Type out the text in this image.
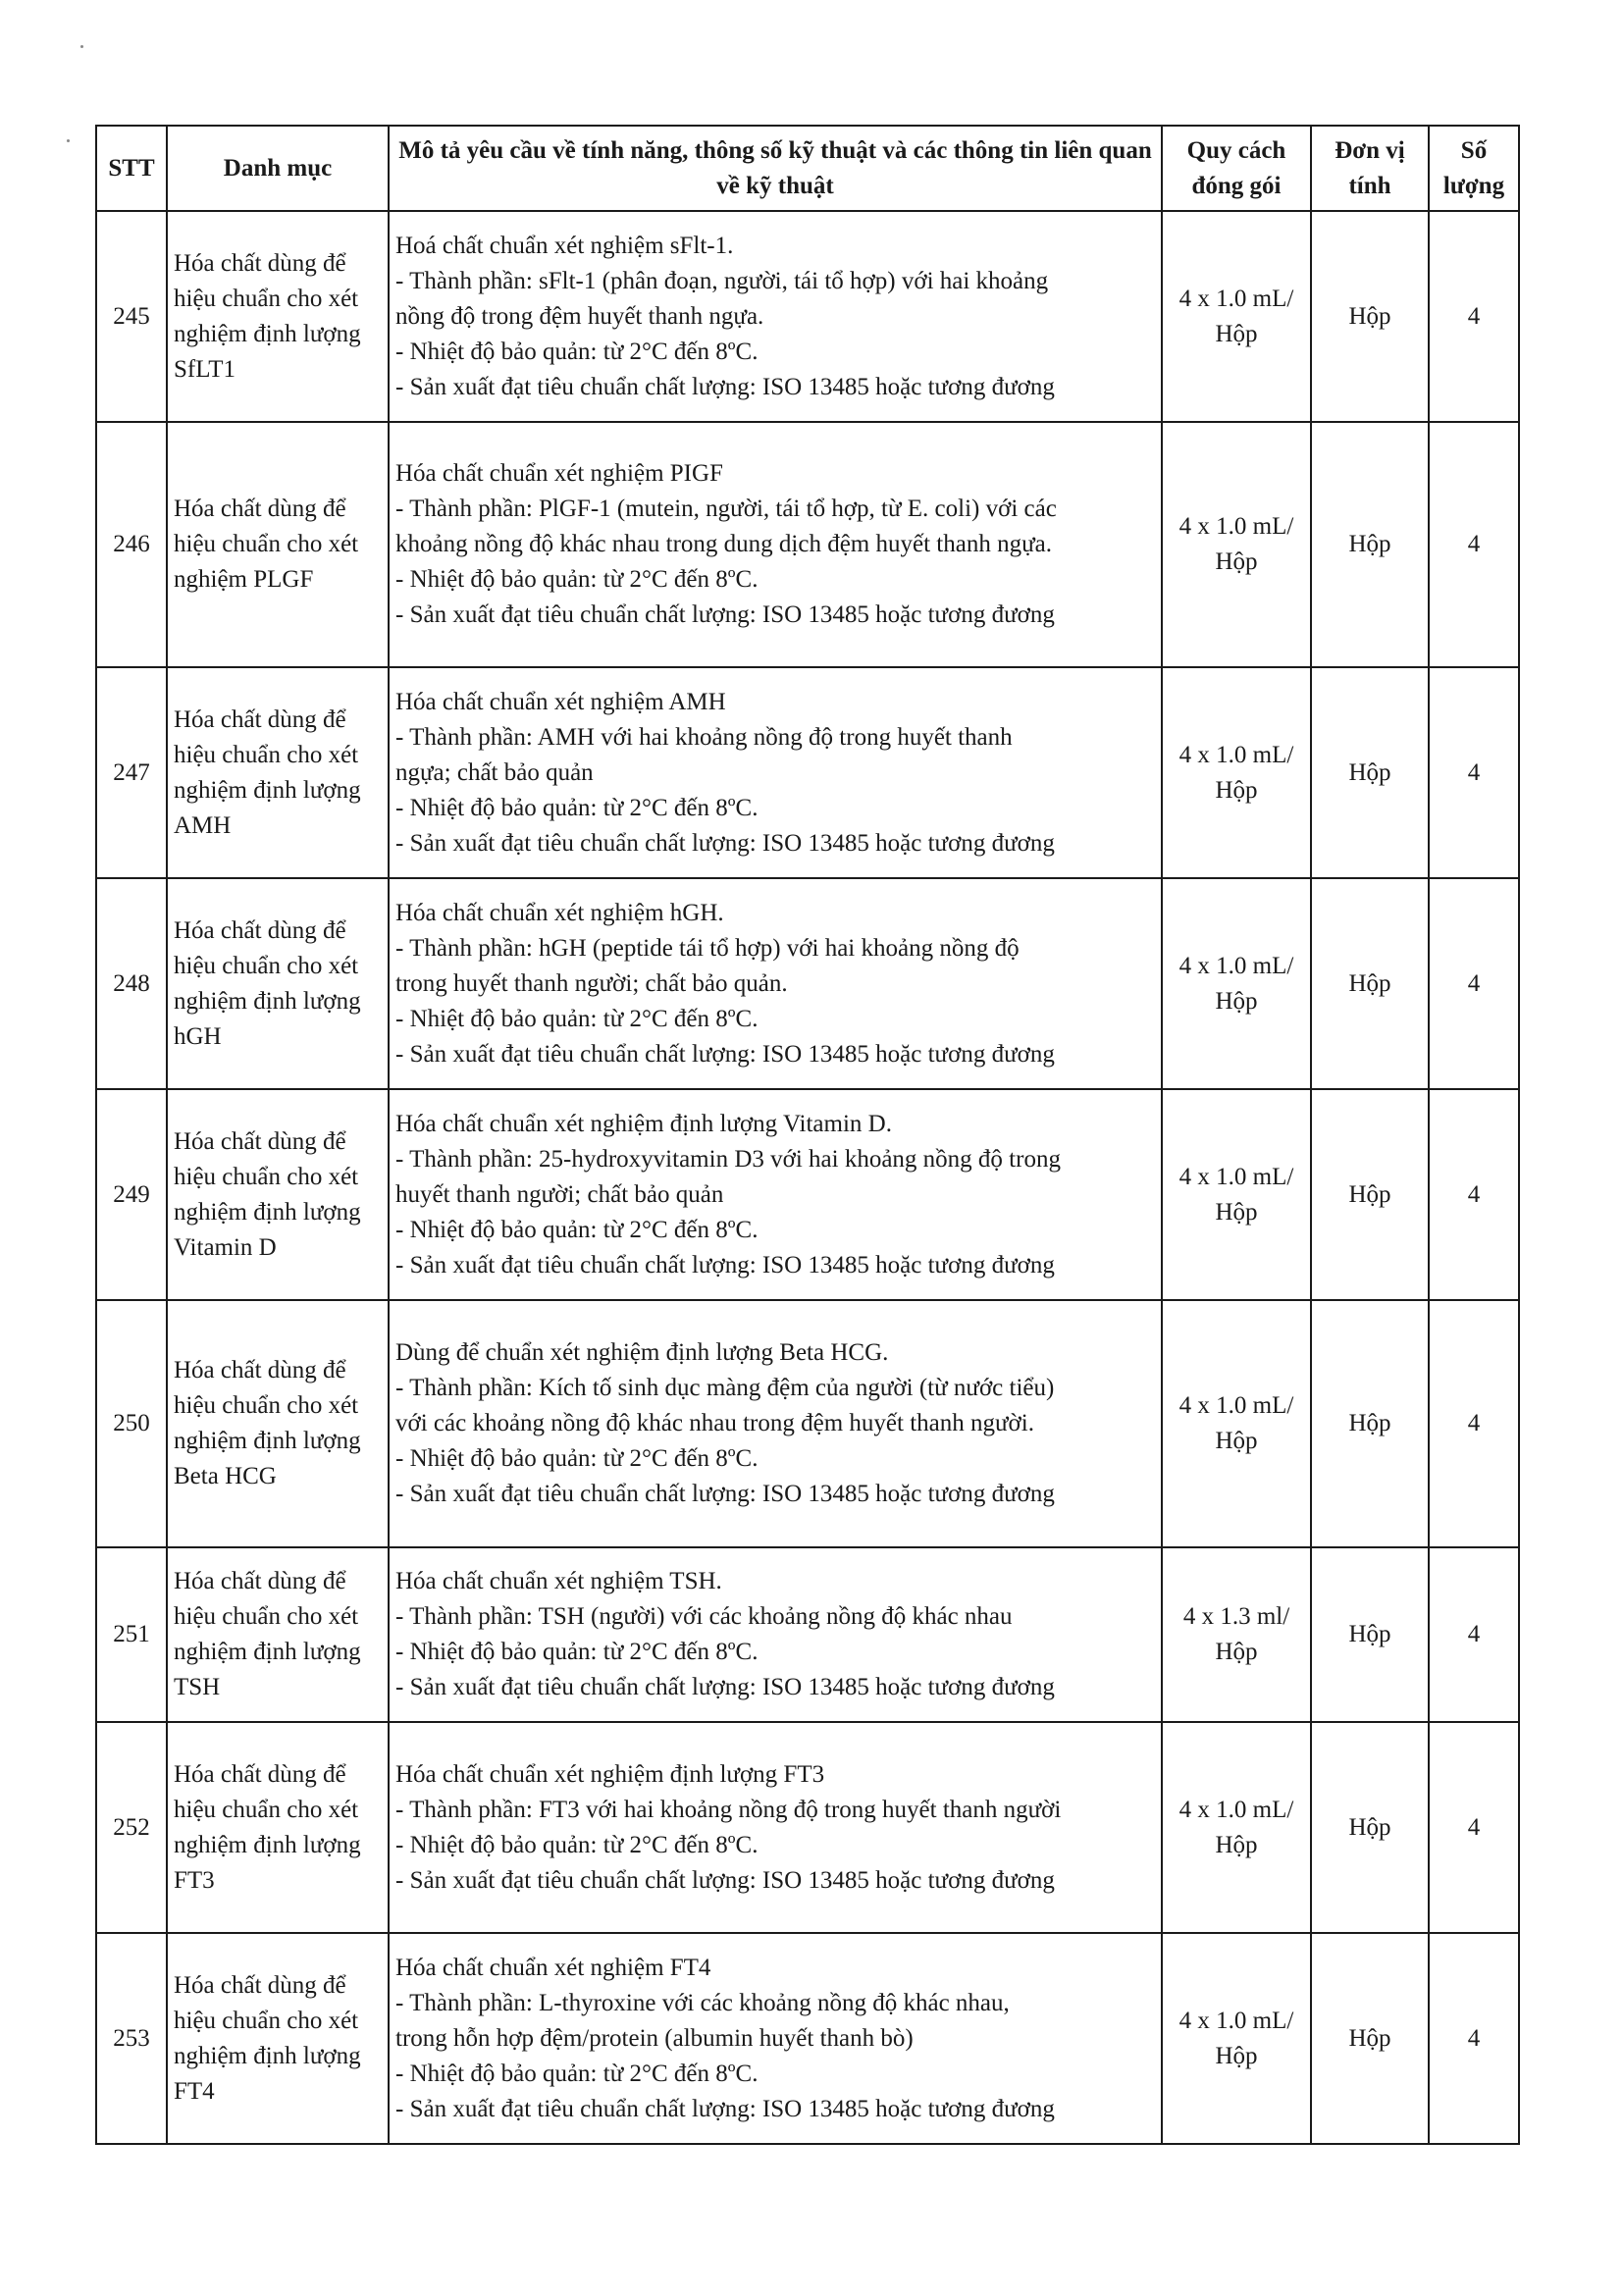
STT	Danh mục	Mô tả yêu cầu về tính năng, thông số kỹ thuật và các thông tin liên quan về kỹ thuật	Quy cách đóng gói	Đơn vị tính	Số lượng
245	Hóa chất dùng để hiệu chuẩn cho xét nghiệm định lượng SfLT1	Hoá chất chuẩn xét nghiệm sFlt-1.
- Thành phần: sFlt-1 (phân đoạn, người, tái tổ hợp) với hai khoảng
nồng độ trong đệm huyết thanh ngựa.
- Nhiệt độ bảo quản: từ 2°C đến 8ºC.
- Sản xuất đạt tiêu chuẩn chất lượng: ISO 13485 hoặc tương đương	4 x 1.0 mL/
Hộp	Hộp	4
246	Hóa chất dùng để hiệu chuẩn cho xét nghiệm PLGF	Hóa chất chuẩn xét nghiệm PIGF
- Thành phần: PlGF-1 (mutein, người, tái tổ hợp, từ E. coli) với các
khoảng nồng độ khác nhau trong dung dịch đệm huyết thanh ngựa.
- Nhiệt độ bảo quản: từ 2°C đến 8ºC.
- Sản xuất đạt tiêu chuẩn chất lượng: ISO 13485 hoặc tương đương	4 x 1.0 mL/
Hộp	Hộp	4
247	Hóa chất dùng để hiệu chuẩn cho xét nghiệm định lượng AMH	Hóa chất chuẩn xét nghiệm AMH
- Thành phần: AMH với hai khoảng nồng độ trong huyết thanh
ngựa; chất bảo quản
- Nhiệt độ bảo quản: từ 2°C đến 8ºC.
- Sản xuất đạt tiêu chuẩn chất lượng: ISO 13485 hoặc tương đương	4 x 1.0 mL/
Hộp	Hộp	4
248	Hóa chất dùng để hiệu chuẩn cho xét nghiệm định lượng hGH	Hóa chất chuẩn xét nghiệm hGH.
- Thành phần: hGH (peptide tái tổ hợp) với hai khoảng nồng độ
trong huyết thanh người; chất bảo quản.
- Nhiệt độ bảo quản: từ 2°C đến 8ºC.
- Sản xuất đạt tiêu chuẩn chất lượng: ISO 13485 hoặc tương đương	4 x 1.0 mL/
Hộp	Hộp	4
249	Hóa chất dùng để hiệu chuẩn cho xét nghiệm định lượng Vitamin D	Hóa chất chuẩn xét nghiệm định lượng Vitamin D.
- Thành phần: 25-hydroxyvitamin D3 với hai khoảng nồng độ trong
huyết thanh người; chất bảo quản
- Nhiệt độ bảo quản: từ 2°C đến 8ºC.
- Sản xuất đạt tiêu chuẩn chất lượng: ISO 13485 hoặc tương đương	4 x 1.0 mL/
Hộp	Hộp	4
250	Hóa chất dùng để hiệu chuẩn cho xét nghiệm định lượng Beta HCG	Dùng để chuẩn xét nghiệm định lượng Beta HCG.
- Thành phần: Kích tố sinh dục màng đệm của người (từ nước tiểu)
với các khoảng nồng độ khác nhau trong đệm huyết thanh người.
- Nhiệt độ bảo quản: từ 2°C đến 8ºC.
- Sản xuất đạt tiêu chuẩn chất lượng: ISO 13485 hoặc tương đương	4 x 1.0 mL/
Hộp	Hộp	4
251	Hóa chất dùng để hiệu chuẩn cho xét nghiệm định lượng TSH	Hóa chất chuẩn xét nghiệm TSH.
- Thành phần: TSH (người) với các khoảng nồng độ khác nhau
- Nhiệt độ bảo quản: từ 2°C đến 8ºC.
- Sản xuất đạt tiêu chuẩn chất lượng: ISO 13485 hoặc tương đương	4 x 1.3 ml/
Hộp	Hộp	4
252	Hóa chất dùng để hiệu chuẩn cho xét nghiệm định lượng FT3	Hóa chất chuẩn xét nghiệm định lượng FT3
- Thành phần: FT3 với hai khoảng nồng độ trong huyết thanh người
- Nhiệt độ bảo quản: từ 2°C đến 8ºC.
- Sản xuất đạt tiêu chuẩn chất lượng: ISO 13485 hoặc tương đương	4 x 1.0 mL/
Hộp	Hộp	4
253	Hóa chất dùng để hiệu chuẩn cho xét nghiệm định lượng FT4	Hóa chất chuẩn xét nghiệm FT4
- Thành phần: L-thyroxine với các khoảng nồng độ khác nhau,
trong hỗn hợp đệm/protein (albumin huyết thanh bò)
- Nhiệt độ bảo quản: từ 2°C đến 8ºC.
- Sản xuất đạt tiêu chuẩn chất lượng: ISO 13485 hoặc tương đương	4 x 1.0 mL/
Hộp	Hộp	4
